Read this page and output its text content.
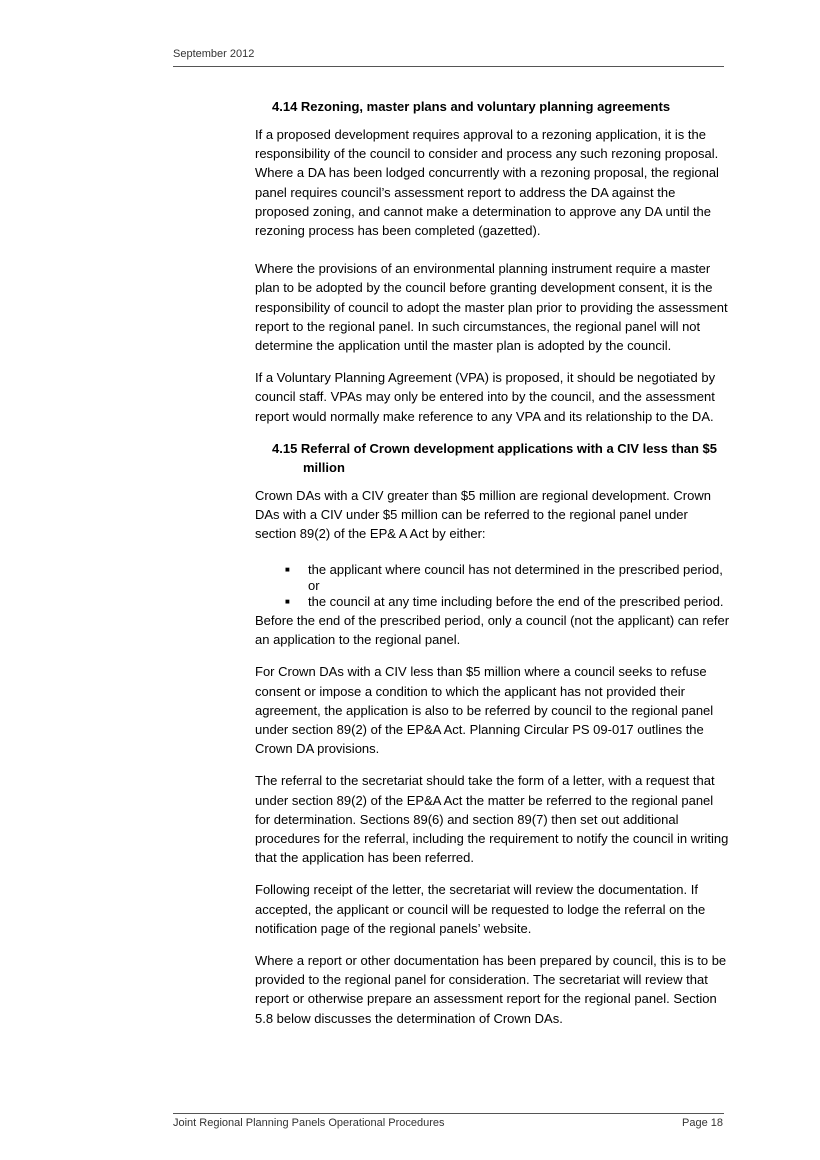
September 2012
4.14 Rezoning, master plans and voluntary planning agreements

If a proposed development requires approval to a rezoning application, it is the responsibility of the council to consider and process any such rezoning proposal. Where a DA has been lodged concurrently with a rezoning proposal, the regional panel requires council’s assessment report to address the DA against the proposed zoning, and cannot make a determination to approve any DA until the rezoning process has been completed (gazetted).

Where the provisions of an environmental planning instrument require a master plan to be adopted by the council before granting development consent, it is the responsibility of council to adopt the master plan prior to providing the assessment report to the regional panel. In such circumstances, the regional panel will not determine the application until the master plan is adopted by the council.

If a Voluntary Planning Agreement (VPA) is proposed, it should be negotiated by council staff. VPAs may only be entered into by the council, and the assessment report would normally make reference to any VPA and its relationship to the DA.

4.15 Referral of Crown development applications with a CIV less than $5 million

Crown DAs with a CIV greater than $5 million are regional development. Crown DAs with a CIV under $5 million can be referred to the regional panel under section 89(2) of the EP& A Act by either:

■ the applicant where council has not determined in the prescribed period, or
■ the council at any time including before the end of the prescribed period.

Before the end of the prescribed period, only a council (not the applicant) can refer an application to the regional panel.

For Crown DAs with a CIV less than $5 million where a council seeks to refuse consent or impose a condition to which the applicant has not provided their agreement, the application is also to be referred by council to the regional panel under section 89(2) of the EP&A Act. Planning Circular PS 09-017 outlines the Crown DA provisions.

The referral to the secretariat should take the form of a letter, with a request that under section 89(2) of the EP&A Act the matter be referred to the regional panel for determination. Sections 89(6) and section 89(7) then set out additional procedures for the referral, including the requirement to notify the council in writing that the application has been referred.

Following receipt of the letter, the secretariat will review the documentation. If accepted, the applicant or council will be requested to lodge the referral on the notification page of the regional panels’ website.

Where a report or other documentation has been prepared by council, this is to be provided to the regional panel for consideration. The secretariat will review that report or otherwise prepare an assessment report for the regional panel. Section 5.8 below discusses the determination of Crown DAs.

Joint Regional Planning Panels Operational Procedures	Page 18
